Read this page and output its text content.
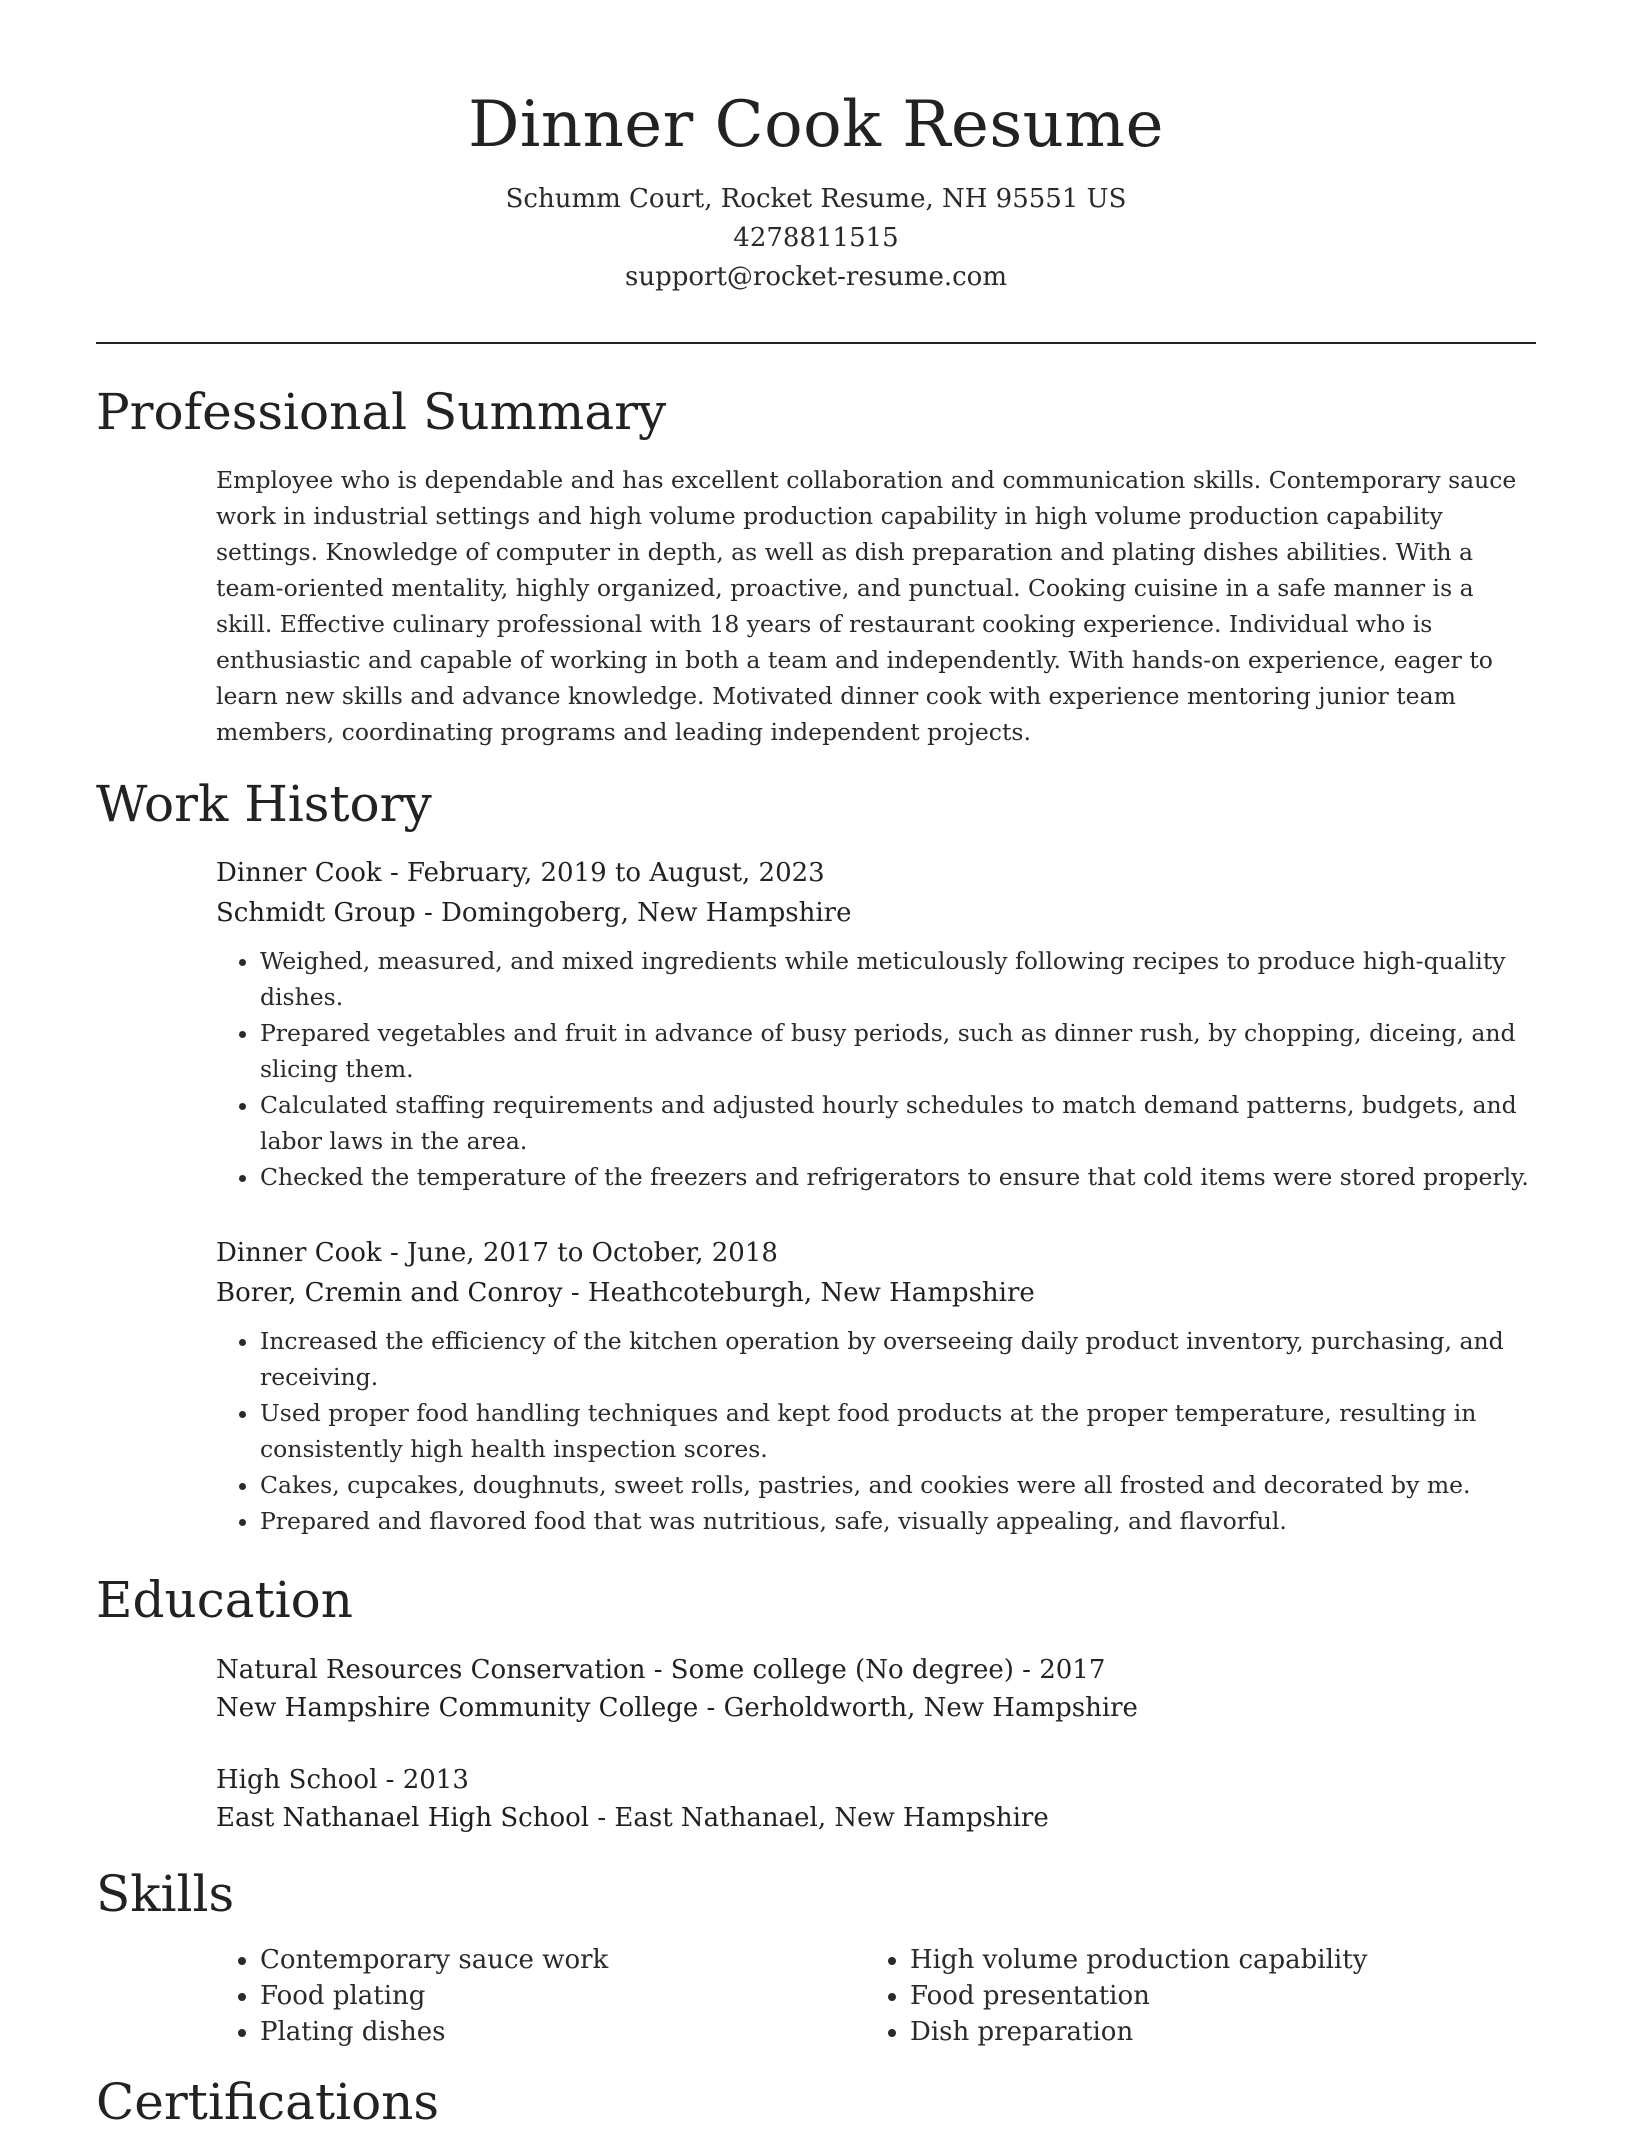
Dinner Cook Resume
Schumm Court, Rocket Resume, NH 95551 US
4278811515
support@rocket-resume.com
Professional Summary

Employee who is dependable and has excellent collaboration and communication skills. Contemporary sauce work in industrial settings and high volume production capability in high volume production capability settings. Knowledge of computer in depth, as well as dish preparation and plating dishes abilities. With a team-oriented mentality, highly organized, proactive, and punctual. Cooking cuisine in a safe manner is a skill. Effective culinary professional with 18 years of restaurant cooking experience. Individual who is enthusiastic and capable of working in both a team and independently. With hands-on experience, eager to learn new skills and advance knowledge. Motivated dinner cook with experience mentoring junior team members, coordinating programs and leading independent projects.

Work History
Dinner Cook - February, 2019 to August, 2023
Schmidt Group - Domingoberg, New Hampshire
• Weighed, measured, and mixed ingredients while meticulously following recipes to produce high-quality dishes.
• Prepared vegetables and fruit in advance of busy periods, such as dinner rush, by chopping, diceing, and slicing them.
• Calculated staffing requirements and adjusted hourly schedules to match demand patterns, budgets, and labor laws in the area.
• Checked the temperature of the freezers and refrigerators to ensure that cold items were stored properly.
Dinner Cook - June, 2017 to October, 2018
Borer, Cremin and Conroy - Heathcoteburgh, New Hampshire
• Increased the efficiency of the kitchen operation by overseeing daily product inventory, purchasing, and receiving.
• Used proper food handling techniques and kept food products at the proper temperature, resulting in consistently high health inspection scores.
• Cakes, cupcakes, doughnuts, sweet rolls, pastries, and cookies were all frosted and decorated by me.
• Prepared and flavored food that was nutritious, safe, visually appealing, and flavorful.
Education
Natural Resources Conservation - Some college (No degree) - 2017
New Hampshire Community College - Gerholdworth, New Hampshire
High School - 2013
East Nathanael High School - East Nathanael, New Hampshire
Skills
• Contemporary sauce work
• Food plating
• Plating dishes
• High volume production capability
• Food presentation
• Dish preparation
Certifications
